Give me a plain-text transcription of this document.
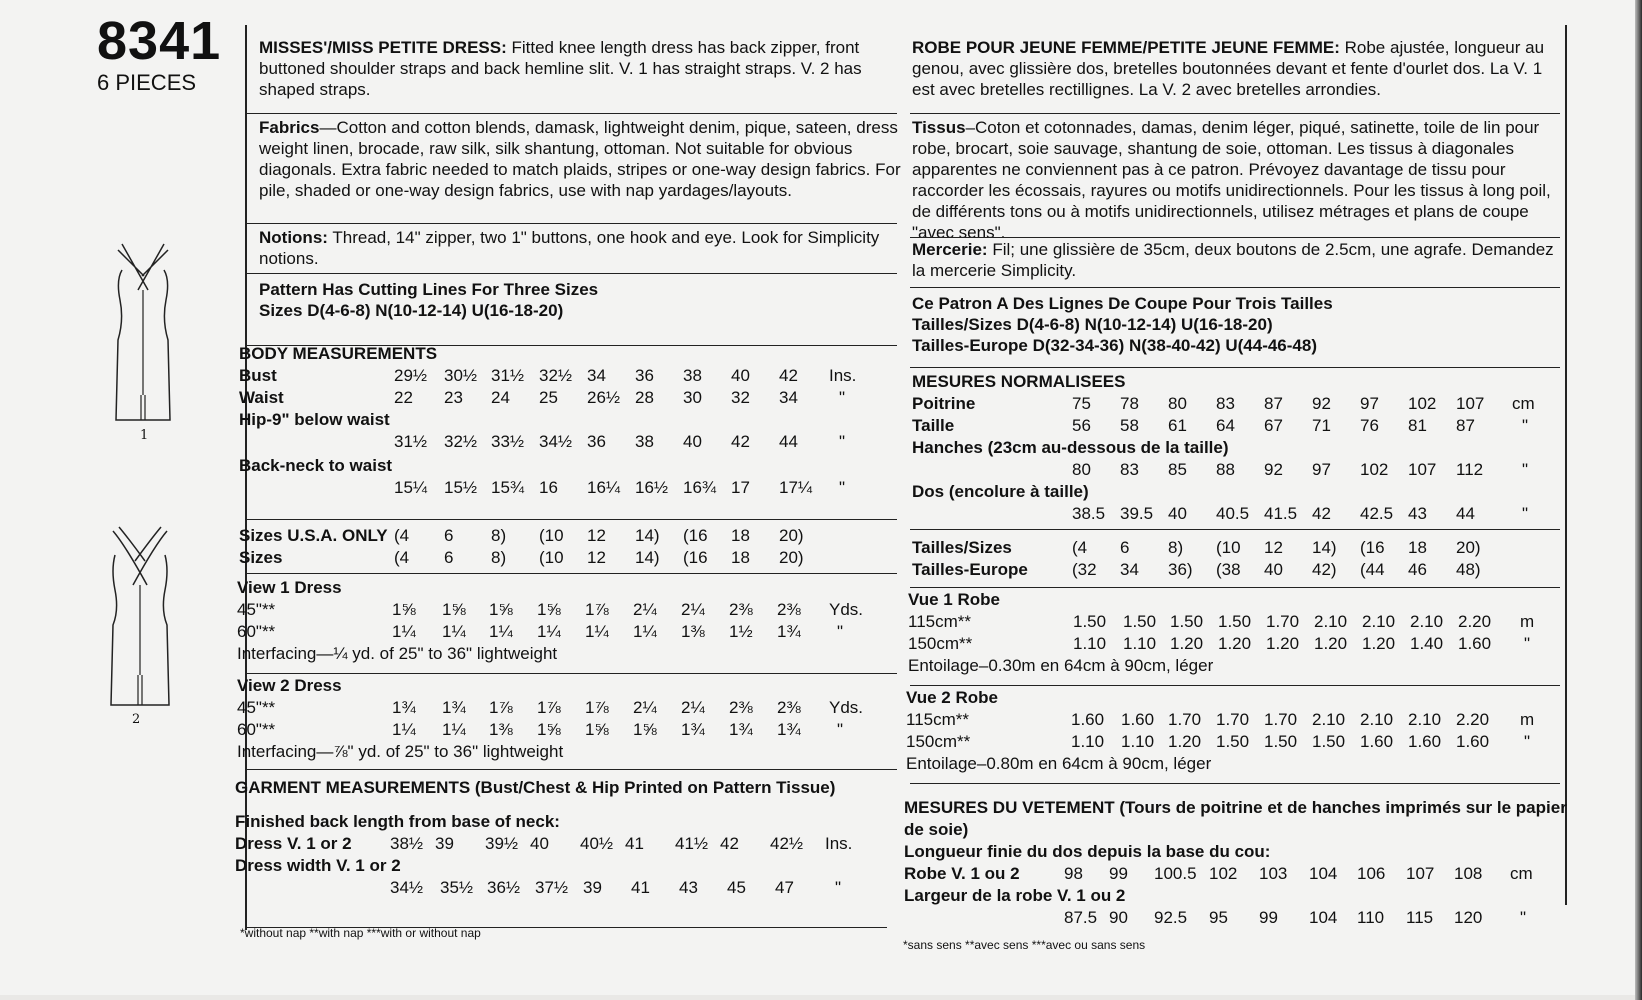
8341
6 PIECES
1
2
MISSES'/MISS PETITE DRESS: Fitted knee length dress has back zipper, front buttoned shoulder straps and back hemline slit. V. 1 has straight straps. V. 2 has shaped straps.
Fabrics—Cotton and cotton blends, damask, lightweight denim, pique, sateen, dress weight linen, brocade, raw silk, silk shantung, ottoman. Not suitable for obvious diagonals. Extra fabric needed to match plaids, stripes or one-way design fabrics. For pile, shaded or one-way design fabrics, use with nap yardages/layouts.
Notions: Thread, 14" zipper, two 1" buttons, one hook and eye. Look for Simplicity notions.
Pattern Has Cutting Lines For Three Sizes
Sizes D(4-6-8) N(10-12-14) U(16-18-20)
BODY MEASUREMENTS
Bust	29½ 30½ 31½ 32½ 34 36 38 40 42 Ins.
Waist	22 23 24 25 26½ 28 30 32 34 "
Hip-9" below waist
31½ 32½ 33½ 34½ 36 38 40 42 44 "
Back-neck to waist
15¼ 15½ 15¾ 16 16¼ 16½ 16¾ 17 17¼ "
Sizes U.S.A. ONLY (4 6 8) (10 12 14) (16 18 20)
Sizes	(4 6 8) (10 12 14) (16 18 20)
View 1 Dress
45"**	1⅝ 1⅝ 1⅝ 1⅝ 1⅞ 2¼ 2¼ 2⅜ 2⅜ Yds.
60"**	1¼ 1¼ 1¼ 1¼ 1¼ 1¼ 1⅜ 1½ 1¾ "
Interfacing—¼ yd. of 25" to 36" lightweight
View 2 Dress
45"**	1¾ 1¾ 1⅞ 1⅞ 1⅞ 2¼ 2¼ 2⅜ 2⅜ Yds.
60"**	1¼ 1¼ 1⅜ 1⅝ 1⅝ 1⅝ 1¾ 1¾ 1¾ "
Interfacing—⅞" yd. of 25" to 36" lightweight
GARMENT MEASUREMENTS (Bust/Chest & Hip Printed on Pattern Tissue)
Finished back length from base of neck:
Dress V. 1 or 2 38½ 39 39½ 40 40½ 41 41½ 42 42½ Ins.
Dress width V. 1 or 2
34½ 35½ 36½ 37½ 39 41 43 45 47 "
*without nap **with nap ***with or without nap
ROBE POUR JEUNE FEMME/PETITE JEUNE FEMME: Robe ajustée, longueur au genou, avec glissière dos, bretelles boutonnées devant et fente d'ourlet dos. La V. 1 est avec bretelles rectillignes. La V. 2 avec bretelles arrondies.
Tissus–Coton et cotonnades, damas, denim léger, piqué, satinette, toile de lin pour robe, brocart, soie sauvage, shantung de soie, ottoman. Les tissus à diagonales apparentes ne conviennent pas à ce patron. Prévoyez davantage de tissu pour raccorder les écossais, rayures ou motifs unidirectionnels. Pour les tissus à long poil, de différents tons ou à motifs unidirectionnels, utilisez métrages et plans de coupe "avec sens".
Mercerie: Fil; une glissière de 35cm, deux boutons de 2.5cm, une agrafe. Demandez la mercerie Simplicity.
Ce Patron A Des Lignes De Coupe Pour Trois Tailles
Tailles/Sizes D(4-6-8) N(10-12-14) U(16-18-20)
Tailles-Europe D(32-34-36) N(38-40-42) U(44-46-48)
MESURES NORMALISEES
Poitrine	75 78 80 83 87 92 97 102 107 cm
Taille	56 58 61 64 67 71 76 81 87	"
Hanches (23cm au-dessous de la taille)
80 83 85 88 92 97 102 107 112 "
Dos (encolure à taille)
38.5 39.5 40 40.5 41.5 42 42.5 43 44	"
Tailles/Sizes	(4 6 8) (10 12 14) (16 18 20)
Tailles-Europe	(32 34 36) (38 40 42) (44 46 48)
Vue 1 Robe
115cm**	1.50 1.50 1.50 1.50 1.70 2.10 2.10 2.10 2.20 m
150cm**	1.10 1.10 1.20 1.20 1.20 1.20 1.20 1.40 1.60 "
Entoilage–0.30m en 64cm à 90cm, léger
Vue 2 Robe
115cm**	1.60 1.60 1.70 1.70 1.70 2.10 2.10 2.10 2.20 m
150cm**	1.10 1.10 1.20 1.50 1.50 1.50 1.60 1.60 1.60 "
Entoilage–0.80m en 64cm à 90cm, léger
MESURES DU VETEMENT (Tours de poitrine et de hanches imprimés sur le papier
de soie)
Longueur finie du dos depuis la base du cou:
Robe V. 1 ou 2	98 99 100.5 102 103 104 106 107 108 cm
Largeur de la robe V. 1 ou 2
87.5 90 92.5 95 99 104 110 115 120 "
*sans sens **avec sens ***avec ou sans sens
